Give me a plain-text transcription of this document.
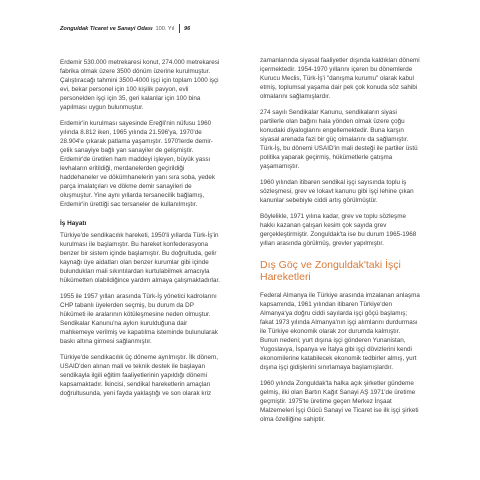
Zonguldak Ticaret ve Sanayi Odası 100. Yıl 96

Erdemir 530.000 metrekaresi konut, 274.000 metrekaresi fabrika olmak üzere 3500 dönüm üzerine kurulmuştur. Çalıştıracağı tahmini 3500-4000 işçi için toplam 1000 işçi evi, bekar personel için 100 kişilik pavyon, evli personelden işçi için 35, geri kalanlar için 100 bina yapılması uygun bulunmuştur.

Erdemir'in kurulması sayesinde Ereğli'nin nüfusu 1960 yılında 8.812 iken, 1965 yılında 21.596'ya, 1970'de 28.904'e çıkarak patlama yaşamıştır. 1970'lerde demir-çelik sanayiye bağlı yan sanayiler de gelişmiştir. Erdemir'de üretilen ham maddeyi işleyen, büyük yassı levhaların eritildiği, merdanelerden geçirildiği haddehaneler ve dökümhanelerin yanı sıra soba, yedek parça imalatçıları ve dökme demir sanayileri de oluşmuştur. Yine aynı yıllarda tersanecilik bağlamış, Erdemir'in ürettiği sac tersaneler de kullanılmıştır.

İş Hayatı

Türkiye'de sendikacılık hareketi, 1950'li yıllarda Türk-İş'in kurulması ile başlamıştır. Bu hareket konfederasyona benzer bir sistem içinde başlamıştır. Bu doğrultuda, gelir kaynağı üye aidatları olan benzer kurumlar gibi içinde bulundukları mali sıkıntılardan kurtulabilmek amacıyla hükümetten olabildiğince yardım almaya çalışmaktadırlar.

1955 ile 1957 yılları arasında Türk-İş yönetici kadrolarını CHP tabanlı üyelerden seçmiş, bu durum da DP hükümeti ile aralarının kötüleşmesine neden olmuştur. Sendikalar Kanunu'na aykırı kurulduğuna dair mahkemeye verilmiş ve kapatılma isteminde bulunularak baskı altına girmesi sağlanmıştır.

Türkiye'de sendikacılık üç döneme ayrılmıştır. İlk dönem, USAID'den alınan mali ve teknik destek ile başlayan sendikayla ilgili eğitim faaliyetlerinin yapıldığı dönemi kapsamaktadır. İkincisi, sendikal hareketlerin amaçları doğrultusunda, yeni fayda yaklaştığı ve son olarak kriz

zamanlarında siyasal faaliyetler dışında kaldıkları dönemi içermektedir. 1954-1970 yıllarını içeren bu dönemlerde Kurucu Meclis, Türk-İş'i "danışma kurumu" olarak kabul etmiş, toplumsal yaşama dair pek çok konuda söz sahibi olmalarını sağlamışlardır.

274 sayılı Sendikalar Kanunu, sendikaların siyasi partilerle olan bağını hala yönden olmak üzere çoğu konudaki diyaloglarını engellemektedir. Buna karşın siyasal arenada fazi bir güç olmalarını da sağlamıştır. Türk-İş, bu dönemi USAID'in mali desteği ile partiler üstü politika yaparak geçirmiş, hükümetlerle çatışma yaşamamıştır.

1960 yılından itibaren sendikal işçi sayısında toplu iş sözleşmesi, grev ve lokavt kanunu gibi işçi lehine çıkan kanunlar sebebiyle ciddi artış görülmüştür.

Böylelikle, 1971 yılına kadar, grev ve toplu sözleşme hakkı kazanan çalışan kesim çok sayıda grev gerçekleştirmiştir. Zonguldak'ta ise bu durum 1965-1968 yılları arasında görülmüş, grevler yapılmıştır.

Dış Göç ve Zonguldak'taki İşçi Hareketleri

Federal Almanya ile Türkiye arasında imzalanan anlaşma kapsamında, 1961 yılından itibaren Türkiye'den Almanya'ya doğru ciddi sayılarda işçi göçü başlamış; fakat 1973 yılında Almanya'nın işçi alımlarını durdurması ile Türkiye ekonomik olarak zor durumda kalmıştır. Bunun nedeni; yurt dışına işçi gönderen Yunanistan, Yugoslavya, İspanya ve İtalya gibi işçi dövizlerini kendi ekonomilerine katabilecek ekonomik tedbirler almış, yurt dışına işçi gidişlerini sınırlamaya başlamışlardır.

1960 yılında Zonguldak'ta halka açık şirketler gündeme gelmiş, ilki olan Bartın Kağıt Sanayi AŞ 1971'de üretime geçmiştir. 1975'te üretime geçen Merkez İnşaat Malzemeleri İşçi Gücü Sanayi ve Ticaret ise ilk işçi şirketi olma özelliğine sahiptir.
